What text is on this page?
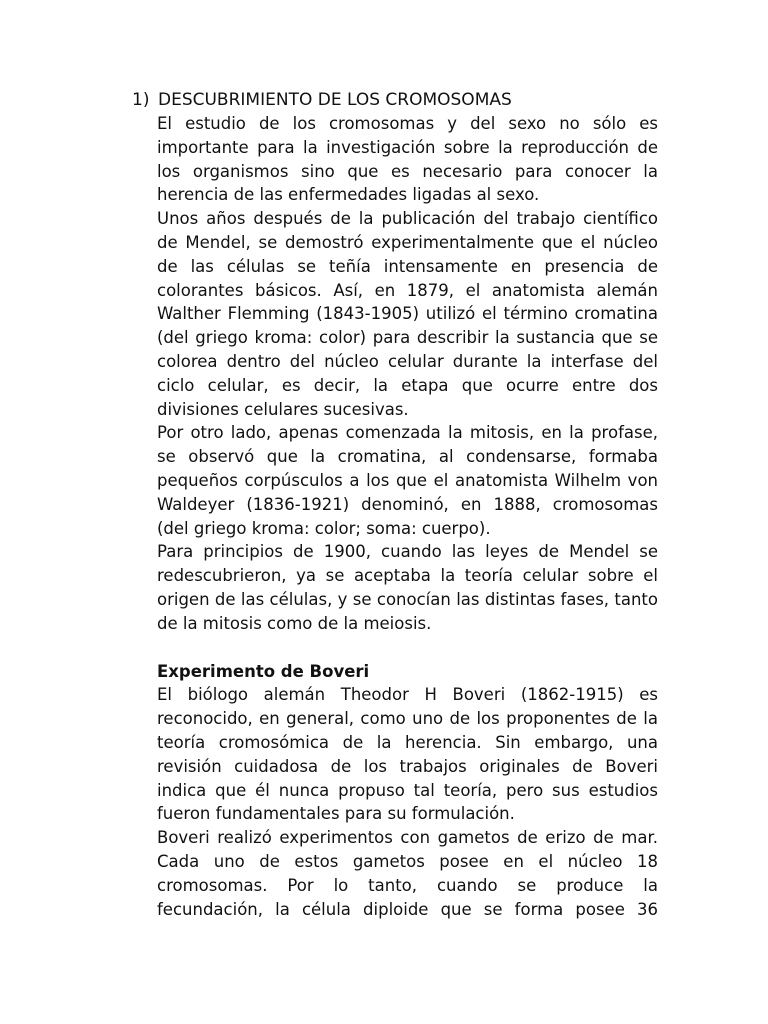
1) DESCUBRIMIENTO DE LOS CROMOSOMAS

El estudio de los cromosomas y del sexo no sólo es importante para la investigación sobre la reproducción de los organismos sino que es necesario para conocer la herencia de las enfermedades ligadas al sexo.

Unos años después de la publicación del trabajo científico de Mendel, se demostró experimentalmente que el núcleo de las células se teñía intensamente en presencia de colorantes básicos. Así, en 1879, el anatomista alemán Walther Flemming (1843-1905) utilizó el término cromatina (del griego kroma: color) para describir la sustancia que se colorea dentro del núcleo celular durante la interfase del ciclo celular, es decir, la etapa que ocurre entre dos divisiones celulares sucesivas.

Por otro lado, apenas comenzada la mitosis, en la profase, se observó que la cromatina, al condensarse, formaba pequeños corpúsculos a los que el anatomista Wilhelm von Waldeyer (1836-1921) denominó, en 1888, cromosomas (del griego kroma: color; soma: cuerpo).

Para principios de 1900, cuando las leyes de Mendel se redescubrieron, ya se aceptaba la teoría celular sobre el origen de las células, y se conocían las distintas fases, tanto de la mitosis como de la meiosis.

Experimento de Boveri

El biólogo alemán Theodor H Boveri (1862-1915) es reconocido, en general, como uno de los proponentes de la teoría cromosómica de la herencia. Sin embargo, una revisión cuidadosa de los trabajos originales de Boveri indica que él nunca propuso tal teoría, pero sus estudios fueron fundamentales para su formulación.

Boveri realizó experimentos con gametos de erizo de mar. Cada uno de estos gametos posee en el núcleo 18 cromosomas. Por lo tanto, cuando se produce la fecundación, la célula diploide que se forma posee 36
